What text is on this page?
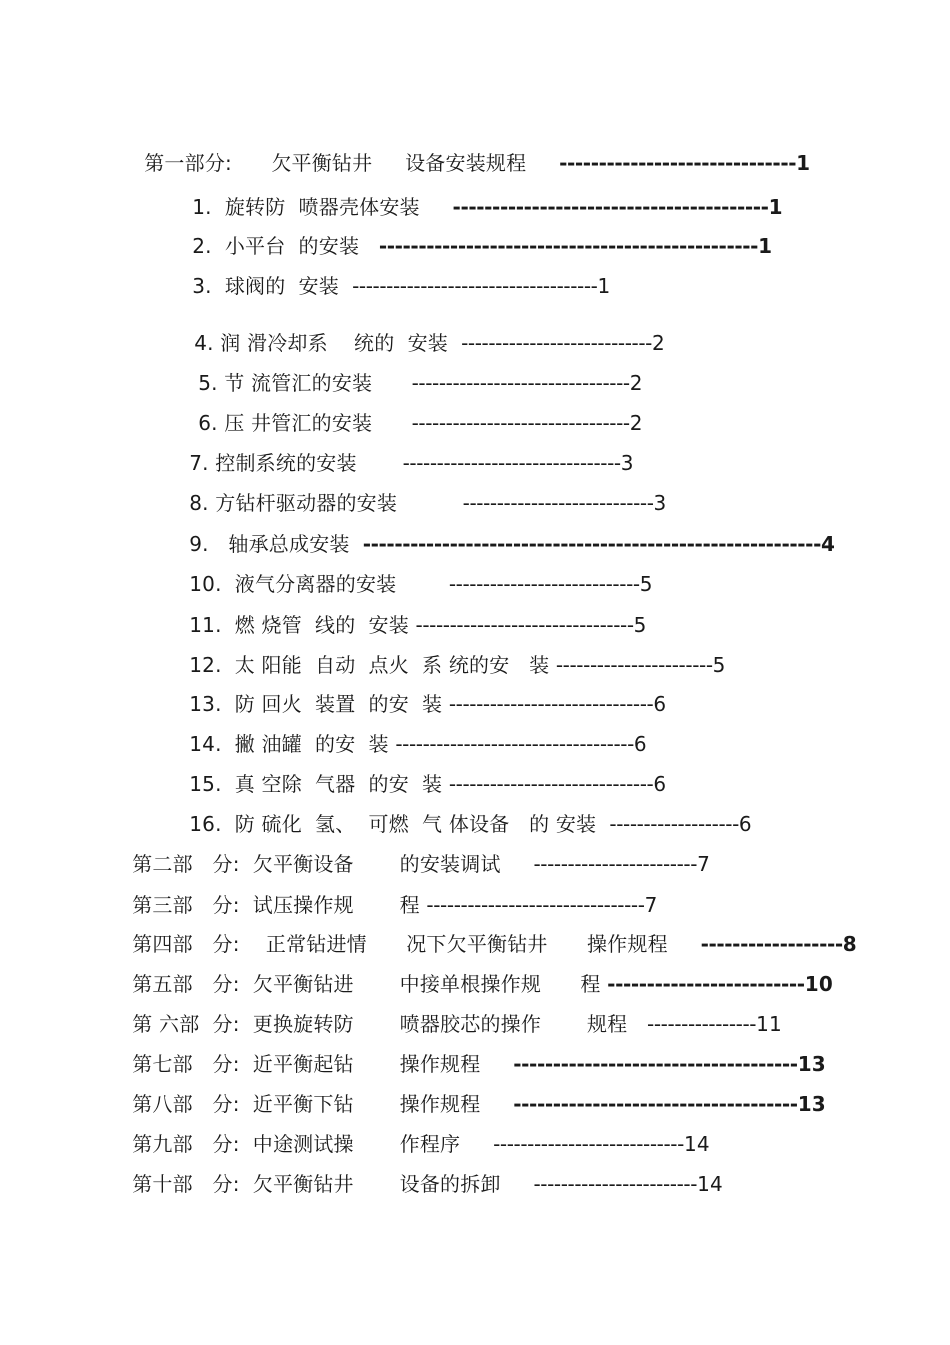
第一部分:      欠平衡钻井     设备安装规程     ------------------------------1

1.  旋转防  喷器壳体安装     ----------------------------------------1

2.  小平台  的安装   ------------------------------------------------1

3.  球阀的  安装  ------------------------------------1

4. 润 滑冷却系    统的  安装  ----------------------------2

5. 节 流管汇的安装      --------------------------------2

6. 压 井管汇的安装      --------------------------------2

7. 控制系统的安装       --------------------------------3

8. 方钻杆驱动器的安装          ----------------------------3

9.   轴承总成安装  ----------------------------------------------------------4

10.  液气分离器的安装        ----------------------------5

11.  燃 烧管  线的  安装 --------------------------------5

12.  太 阳能  自动  点火  系 统的安   装 -----------------------5

13.  防 回火  装置  的安  装 ------------------------------6

14.  撇 油罐  的安  装 -----------------------------------6

15.  真 空除  气器  的安  装 ------------------------------6

16.  防 硫化  氢、  可燃  气 体设备   的 安装  -------------------6

第二部   分:  欠平衡设备       的安装调试     ------------------------7

第三部   分:  试压操作规       程 --------------------------------7

第四部   分:    正常钻进情      况下欠平衡钻井      操作规程     ------------------8

第五部   分:  欠平衡钻进       中接单根操作规      程 -------------------------10

第 六部  分:  更换旋转防       喷器胶芯的操作       规程   ----------------11

第七部   分:  近平衡起钻       操作规程     ------------------------------------13

第八部   分:  近平衡下钻       操作规程     ------------------------------------13

第九部   分:  中途测试操       作程序     ----------------------------14

第十部   分:  欠平衡钻井       设备的拆卸     ------------------------14
